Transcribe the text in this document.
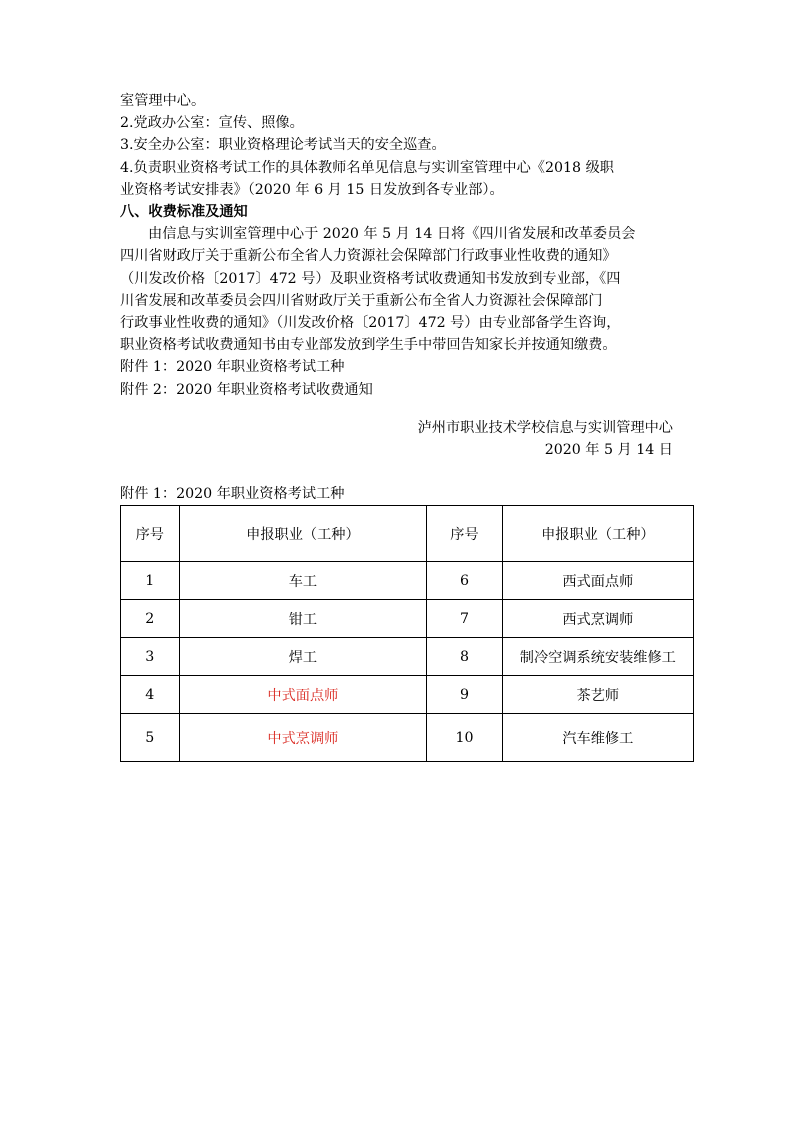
室管理中心。
2.党政办公室：宣传、照像。
3.安全办公室：职业资格理论考试当天的安全巡查。
4.负责职业资格考试工作的具体教师名单见信息与实训室管理中心《2018 级职
业资格考试安排表》（2020 年 6 月 15 日发放到各专业部）。
八、收费标准及通知
由信息与实训室管理中心于 2020 年 5 月 14 日将《四川省发展和改革委员会
四川省财政厅关于重新公布全省人力资源社会保障部门行政事业性收费的通知》
（川发改价格〔2017〕472 号）及职业资格考试收费通知书发放到专业部，《四
川省发展和改革委员会四川省财政厅关于重新公布全省人力资源社会保障部门
行政事业性收费的通知》（川发改价格〔2017〕472 号）由专业部备学生咨询，
职业资格考试收费通知书由专业部发放到学生手中带回告知家长并按通知缴费。
附件 1：2020 年职业资格考试工种
附件 2：2020 年职业资格考试收费通知
泸州市职业技术学校信息与实训管理中心
2020 年 5 月 14 日
附件 1：2020 年职业资格考试工种
序号	申报职业（工种）	序号	申报职业（工种）
1	车工	6	西式面点师
2	钳工	7	西式烹调师
3	焊工	8	制冷空调系统安装维修工
4	中式面点师	9	茶艺师
5	中式烹调师	10	汽车维修工
